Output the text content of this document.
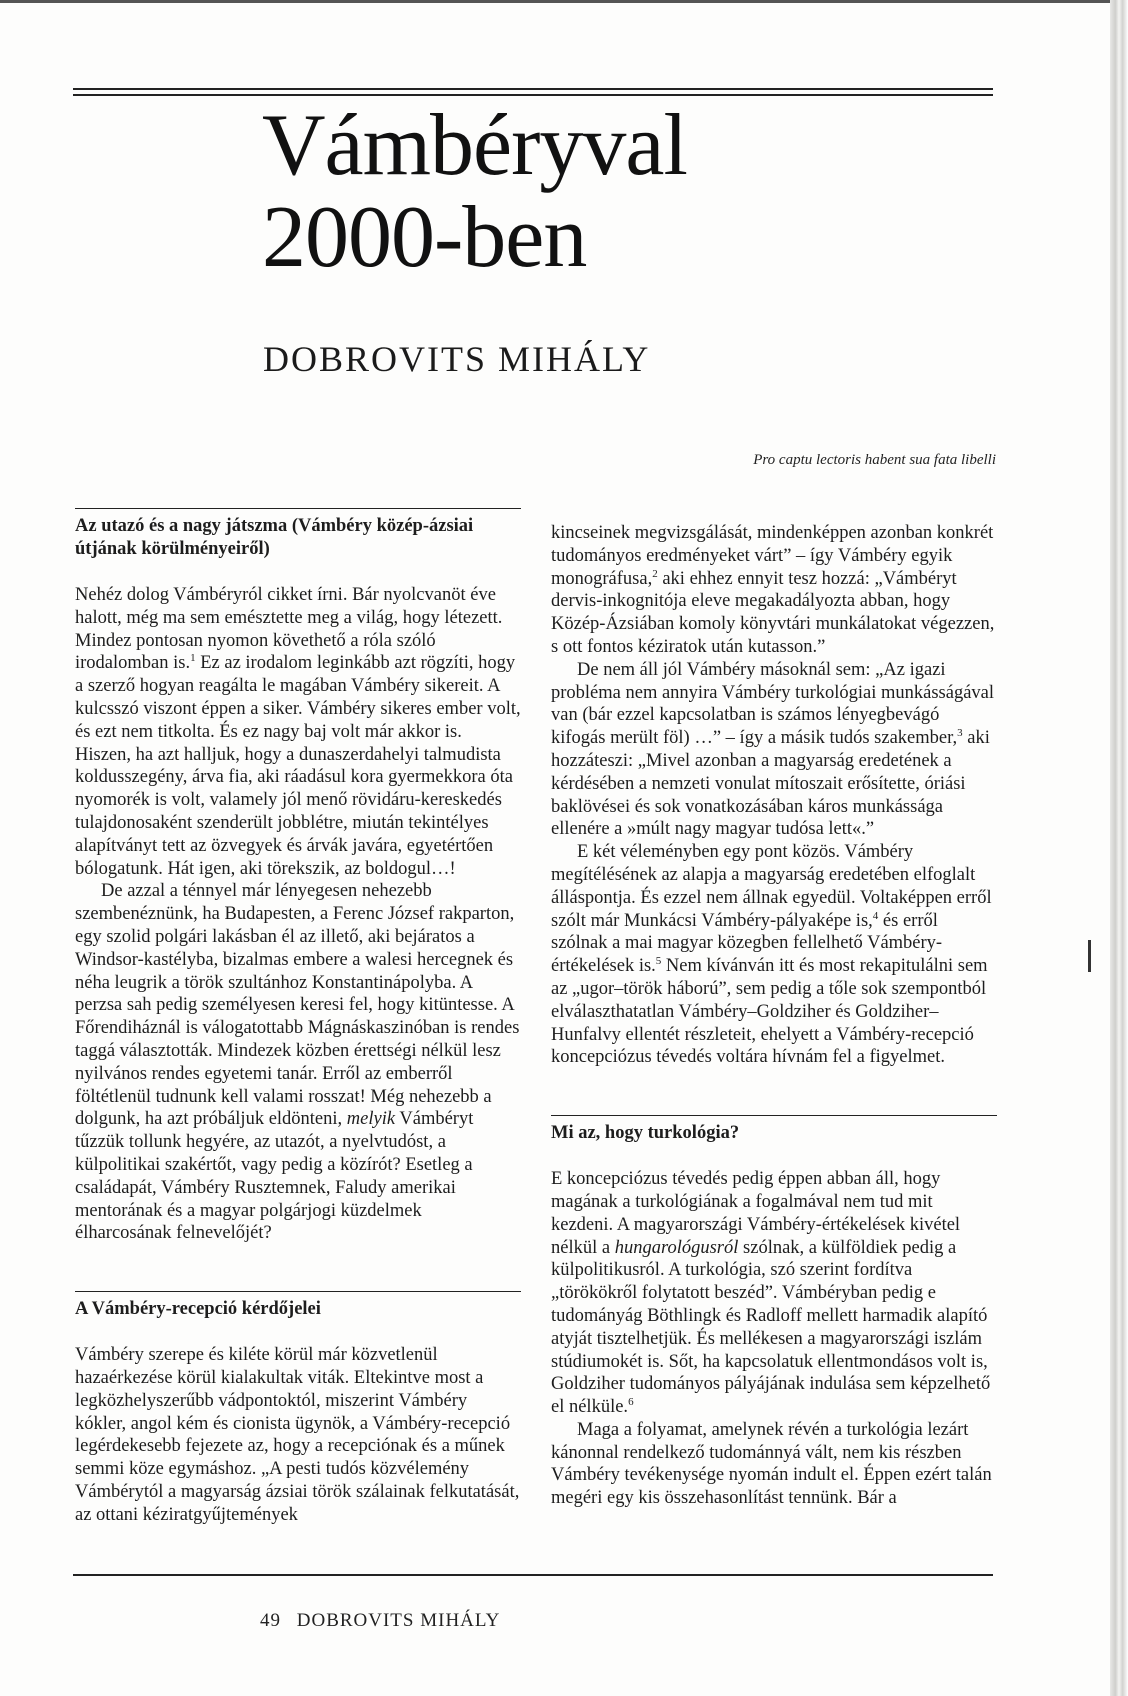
Vámbéryval
2000-ben
DOBROVITS MIHÁLY
Pro captu lectoris habent sua fata libelli
Az utazó és a nagy játszma (Vámbéry közép-ázsiai útjának körülményeiről)

Nehéz dolog Vámbéryról cikket írni. Bár nyolcvanöt éve halott, még ma sem emésztette meg a világ, hogy létezett. Mindez pontosan nyomon követhető a róla szóló irodalomban is.$^1$ Ez az irodalom leginkább azt rögzíti, hogy a szerző hogyan reagálta le magában Vámbéry sikereit. A kulcsszó viszont éppen a siker. Vámbéry sikeres ember volt, és ezt nem titkolta. És ez nagy baj volt már akkor is. Hiszen, ha azt halljuk, hogy a dunaszerdahelyi talmudista koldusszegény, árva fia, aki ráadásul kora gyermekkora óta nyomorék is volt, valamely jól menő rövidáru-kereskedés tulajdonosaként szenderült jobblétre, miután tekintélyes alapítványt tett az özvegyek és árvák javára, egyetértően bólogatunk. Hát igen, aki törekszik, az boldogul…!

De azzal a ténnyel már lényegesen nehezebb szembenéznünk, ha Budapesten, a Ferenc József rakparton, egy szolid polgári lakásban él az illető, aki bejáratos a Windsor-kastélyba, bizalmas embere a walesi hercegnek és néha leugrik a török szultánhoz Konstantinápolyba. A perzsa sah pedig személyesen keresi fel, hogy kitüntesse. A Főrendiháznál is válogatottabb Mágnáskaszinóban is rendes taggá választották. Mindezek közben érettségi nélkül lesz nyilvános rendes egyetemi tanár. Erről az emberről föltétlenül tudnunk kell valami rosszat! Még nehezebb a dolgunk, ha azt próbáljuk eldönteni, melyik Vámbéryt tűzzük tollunk hegyére, az utazót, a nyelvtudóst, a külpolitikai szakértőt, vagy pedig a közírót? Esetleg a családapát, Vámbéry Rusztemnek, Faludy amerikai mentorának és a magyar polgárjogi küzdelmek élharcosának felnevelőjét?

A Vámbéry-recepció kérdőjelei

Vámbéry szerepe és kiléte körül már közvetlenül hazaérkezése körül kialakultak viták. Eltekintve most a legközhelyszerűbb vádpontoktól, miszerint Vámbéry kókler, angol kém és cionista ügynök, a Vámbéry-recepció legérdekesebb fejezete az, hogy a recepciónak és a műnek semmi köze egymáshoz. „A pesti tudós közvélemény Vámbérytól a magyarság ázsiai török szálainak felkutatását, az ottani kéziratgyűjtemények

kincseinek megvizsgálását, mindenképpen azonban konkrét tudományos eredményeket várt” – így Vámbéry egyik monográfusa,$^2$ aki ehhez ennyit tesz hozzá: „Vámbéryt dervis-inkognitója eleve megakadályozta abban, hogy Közép-Ázsiában komoly könyvtári munkálatokat végezzen, s ott fontos kéziratok után kutasson.”

De nem áll jól Vámbéry másoknál sem: „Az igazi probléma nem annyira Vámbéry turkológiai munkásságával van (bár ezzel kapcsolatban is számos lényegbevágó kifogás merült föl) …” – így a másik tudós szakember,$^3$ aki hozzáteszi: „Mivel azonban a magyarság eredetének a kérdésében a nemzeti vonulat mítoszait erősítette, óriási baklövései és sok vonatkozásában káros munkássága ellenére a »múlt nagy magyar tudósa lett«.”

E két véleményben egy pont közös. Vámbéry megítélésének az alapja a magyarság eredetében elfoglalt álláspontja. És ezzel nem állnak egyedül. Voltaképpen erről szólt már Munkácsi Vámbéry-pályaképe is,$^4$ és erről szólnak a mai magyar közegben fellelhető Vámbéry-értékelések is.$^5$ Nem kívánván itt és most rekapitulálni sem az „ugor–török háború”, sem pedig a tőle sok szempontból elválaszthatatlan Vámbéry–Goldziher és Goldziher–Hunfalvy ellentét részleteit, ehelyett a Vámbéry-recepció koncepciózus tévedés voltára hívnám fel a figyelmet.

Mi az, hogy turkológia?

E koncepciózus tévedés pedig éppen abban áll, hogy magának a turkológiának a fogalmával nem tud mit kezdeni. A magyarországi Vámbéry-értékelések kivétel nélkül a hungarológusról szólnak, a külföldiek pedig a külpolitikusról. A turkológia, szó szerint fordítva „törökökről folytatott beszéd”. Vámbéryban pedig e tudományág Böthlingk és Radloff mellett harmadik alapító atyját tisztelhetjük. És mellékesen a magyarországi iszlám stúdiumokét is. Sőt, ha kapcsolatuk ellentmondásos volt is, Goldziher tudományos pályájának indulása sem képzelhető el nélküle.$^6$

Maga a folyamat, amelynek révén a turkológia lezárt kánonnal rendelkező tudománnyá vált, nem kis részben Vámbéry tevékenysége nyomán indult el. Éppen ezért talán megéri egy kis összehasonlítást tennünk. Bár a

49 DOBROVITS MIHÁLY
